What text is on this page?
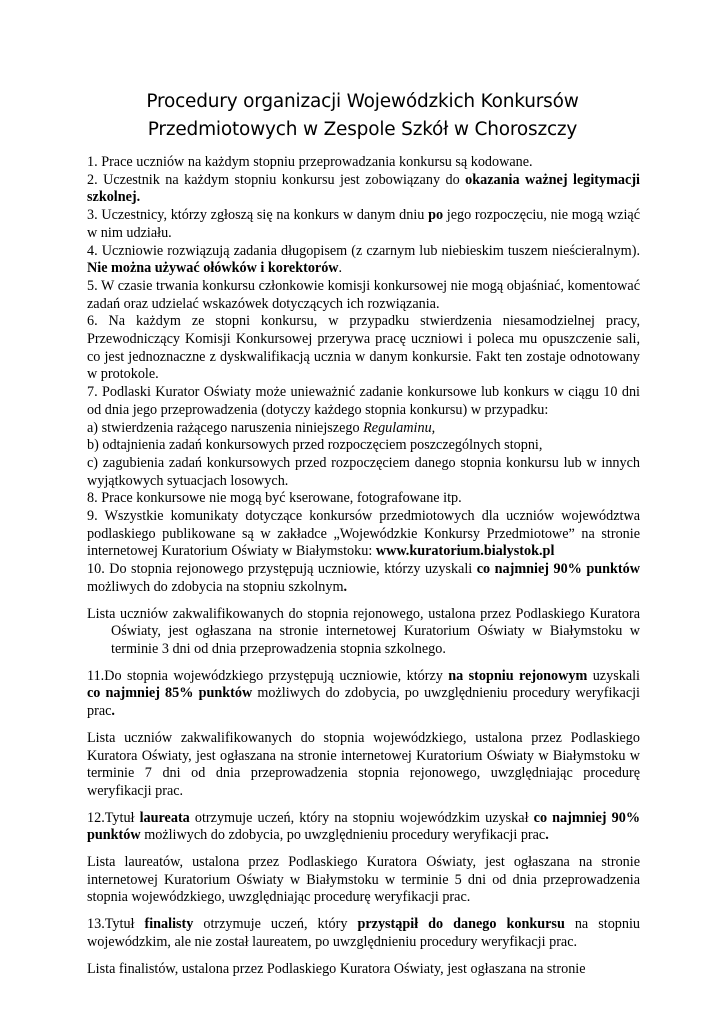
Procedury organizacji Wojewódzkich Konkursów
Przedmiotowych w Zespole Szkół w Choroszczy

1. Prace uczniów na każdym stopniu przeprowadzania konkursu są kodowane.

2. Uczestnik na każdym stopniu konkursu jest zobowiązany do okazania ważnej legitymacji szkolnej.

3. Uczestnicy, którzy zgłoszą się na konkurs w danym dniu po jego rozpoczęciu, nie mogą wziąć w nim udziału.

4. Uczniowie rozwiązują zadania długopisem (z czarnym lub niebieskim tuszem nieścieralnym). Nie można używać ołówków i korektorów.

5. W czasie trwania konkursu członkowie komisji konkursowej nie mogą objaśniać, komentować zadań oraz udzielać wskazówek dotyczących ich rozwiązania.

6. Na każdym ze stopni konkursu, w przypadku stwierdzenia niesamodzielnej pracy, Przewodniczący Komisji Konkursowej przerywa pracę uczniowi i poleca mu opuszczenie sali, co jest jednoznaczne z dyskwalifikacją ucznia w danym konkursie. Fakt ten zostaje odnotowany w protokole.

7. Podlaski Kurator Oświaty może unieważnić zadanie konkursowe lub konkurs w ciągu 10 dni od dnia jego przeprowadzenia (dotyczy każdego stopnia konkursu) w przypadku:

a) stwierdzenia rażącego naruszenia niniejszego Regulaminu,

b) odtajnienia zadań konkursowych przed rozpoczęciem poszczególnych stopni,

c) zagubienia zadań konkursowych przed rozpoczęciem danego stopnia konkursu lub w innych wyjątkowych sytuacjach losowych.

8. Prace konkursowe nie mogą być kserowane, fotografowane itp.

9. Wszystkie komunikaty dotyczące konkursów przedmiotowych dla uczniów województwa podlaskiego publikowane są w zakładce „Wojewódzkie Konkursy Przedmiotowe” na stronie internetowej Kuratorium Oświaty w Białymstoku: www.kuratorium.bialystok.pl

10. Do stopnia rejonowego przystępują uczniowie, którzy uzyskali co najmniej 90% punktów możliwych do zdobycia na stopniu szkolnym.

Lista uczniów zakwalifikowanych do stopnia rejonowego, ustalona przez Podlaskiego Kuratora Oświaty, jest ogłaszana na stronie internetowej Kuratorium Oświaty w Białymstoku w terminie 3 dni od dnia przeprowadzenia stopnia szkolnego.

11.Do stopnia wojewódzkiego przystępują uczniowie, którzy na stopniu rejonowym uzyskali co najmniej 85% punktów możliwych do zdobycia, po uwzględnieniu procedury weryfikacji prac.

Lista uczniów zakwalifikowanych do stopnia wojewódzkiego, ustalona przez Podlaskiego Kuratora Oświaty, jest ogłaszana na stronie internetowej Kuratorium Oświaty w Białymstoku w terminie 7 dni od dnia przeprowadzenia stopnia rejonowego, uwzględniając procedurę weryfikacji prac.

12.Tytuł laureata otrzymuje uczeń, który na stopniu wojewódzkim uzyskał co najmniej 90% punktów możliwych do zdobycia, po uwzględnieniu procedury weryfikacji prac.

Lista laureatów, ustalona przez Podlaskiego Kuratora Oświaty, jest ogłaszana na stronie internetowej Kuratorium Oświaty w Białymstoku w terminie 5 dni od dnia przeprowadzenia stopnia wojewódzkiego, uwzględniając procedurę weryfikacji prac.

13.Tytuł finalisty otrzymuje uczeń, który przystąpił do danego konkursu na stopniu wojewódzkim, ale nie został laureatem, po uwzględnieniu procedury weryfikacji prac.

Lista finalistów, ustalona przez Podlaskiego Kuratora Oświaty, jest ogłaszana na stronie
